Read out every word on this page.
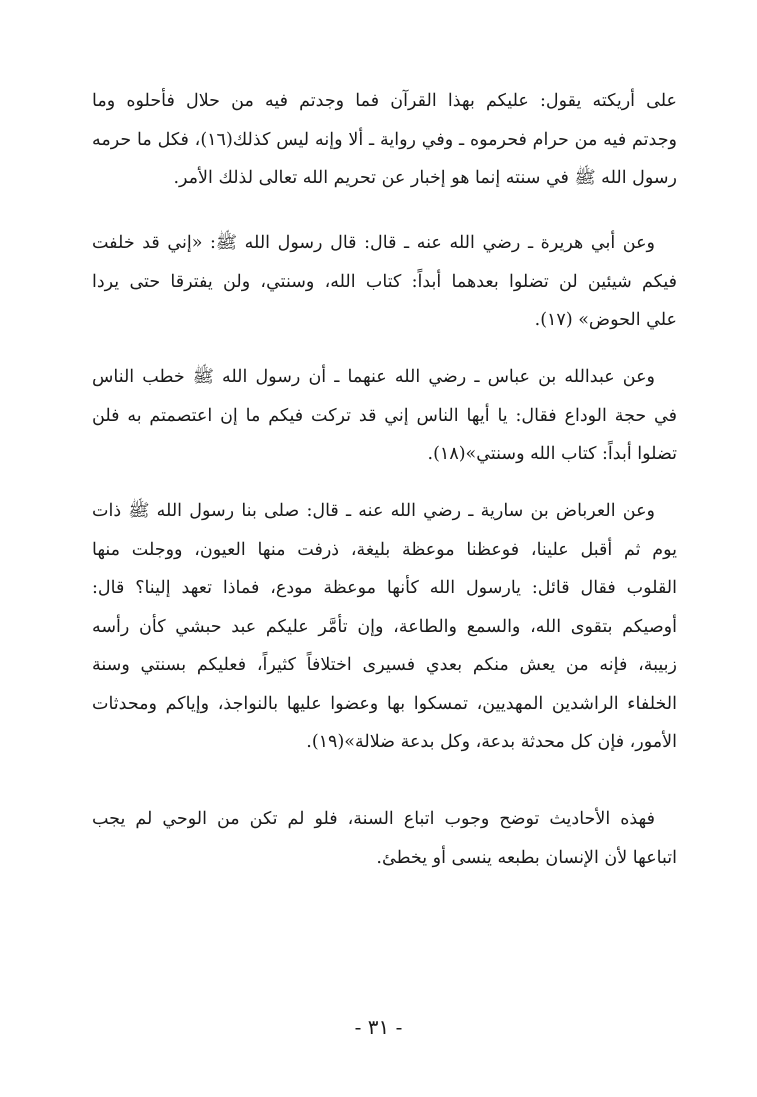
على أريكته يقول: عليكم بهذا القرآن فما وجدتم فيه من حلال فأحلوه وما
وجدتم فيه من حرام فحرموه ـ وفي رواية ـ ألا وإنه ليس كذلك(١٦)، فكل ما حرمه
رسول الله ﷺ في سنته إنما هو إخبار عن تحريم الله تعالى لذلك الأمر.

وعن أبي هريرة ـ رضي الله عنه ـ قال: قال رسول الله ﷺ: «إني قد خلفت
فيكم شيئين لن تضلوا بعدهما أبداً: كتاب الله، وسنتي، ولن يفترقا حتى يردا
علي الحوض» (١٧).

وعن عبدالله بن عباس ـ رضي الله عنهما ـ أن رسول الله ﷺ خطب الناس
في حجة الوداع فقال: يا أيها الناس إني قد تركت فيكم ما إن اعتصمتم به فلن
تضلوا أبداً: كتاب الله وسنتي»(١٨).

وعن العرباض بن سارية ـ رضي الله عنه ـ قال: صلى بنا رسول الله ﷺ ذات
يوم ثم أقبل علينا، فوعظنا موعظة بليغة، ذرفت منها العيون، ووجلت منها
القلوب فقال قائل: يارسول الله كأنها موعظة مودع، فماذا تعهد إلينا؟ قال:
أوصيكم بتقوى الله، والسمع والطاعة، وإن تأمَّر عليكم عبد حبشي كأن رأسه
زبيبة، فإنه من يعش منكم بعدي فسيرى اختلافاً كثيراً، فعليكم بسنتي وسنة
الخلفاء الراشدين المهديين، تمسكوا بها وعضوا عليها بالنواجذ، وإياكم ومحدثات
الأمور، فإن كل محدثة بدعة، وكل بدعة ضلالة»(١٩).

فهذه الأحاديث توضح وجوب اتباع السنة، فلو لم تكن من الوحي لم يجب
اتباعها لأن الإنسان بطبعه ينسى أو يخطئ.

- ٣١ -
